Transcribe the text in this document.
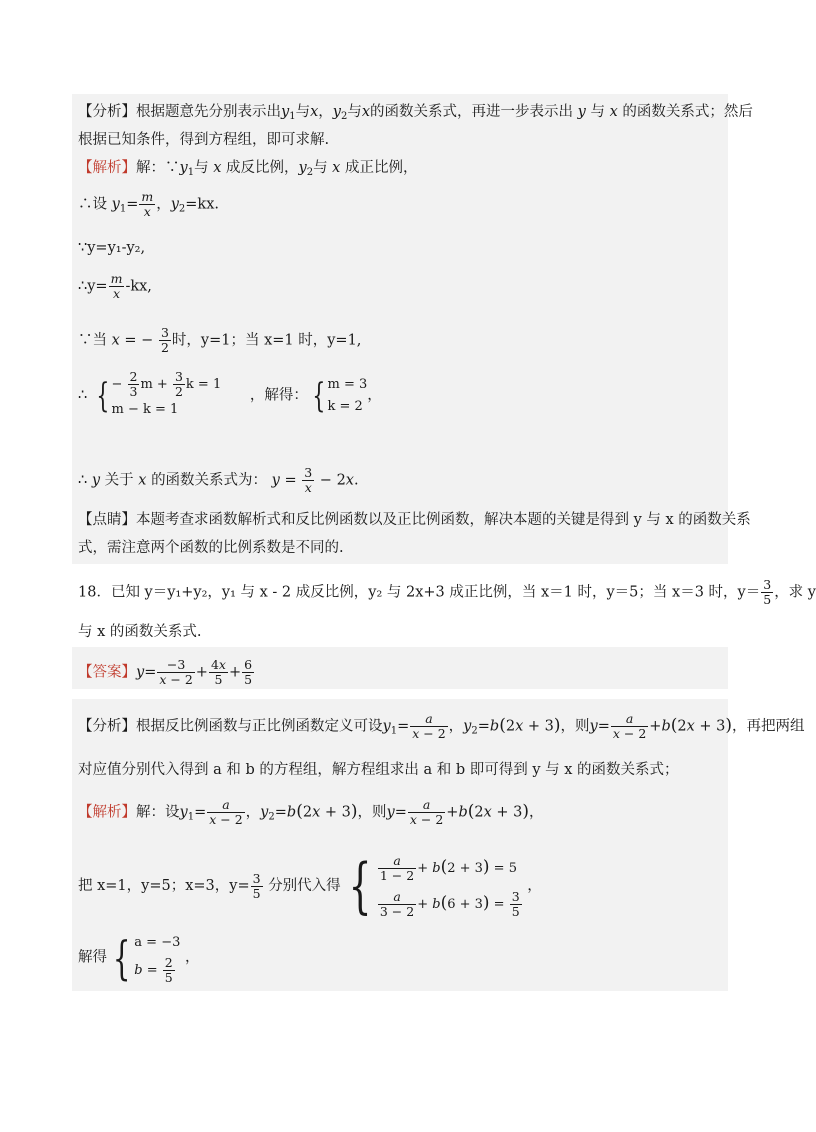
【分析】根据题意先分别表示出$y_1$与x，$y_2$与x的函数关系式，再进一步表示出 y 与 x 的函数关系式；然后
根据已知条件，得到方程组，即可求解.
【解析】解：$\because y_1$与 x 成反比例，$y_2$与 x 成正比例，
∴设 $y_1= \frac{m}{x}$ ，$y_2=kx$.
∵y=y₁-y₂,
∴y= $\frac{m}{x} -kx$,
∵当 x = − $\frac{3}{2}$ 时，y=1；当 x=1 时，y=1,
∴ { − $\frac{2}{3}$ $m + \frac{3}{2}$ k = 1
m − k = 1
，解得： { m = 3
k = 2
，
∴ y 关于 x 的函数关系式为： $y = \frac{3}{x} - 2x$.
【点睛】本题考查求函数解析式和反比例函数以及正比例函数，解决本题的关键是得到 y 与 x 的函数关系
式，需注意两个函数的比例系数是不同的.
18．已知 y＝y₁+y₂，y₁ 与 x - 2 成反比例，y₂ 与 2x+3 成正比例，当 x＝1 时，y＝5；当 x＝3 时，$y= \frac{3}{5}$ ，求 y
与 x 的函数关系式.
【答案】$y= \frac{-3}{x - 2} + \frac{4x}{5} + \frac{6}{5}$
【分析】根据反比例函数与正比例函数定义可设$y_1= \frac{a}{x - 2}$ ，$y_2=b(2x + 3)$，则$y= \frac{a}{x - 2} +b(2x + 3)$，再把两组
对应值分别代入得到 a 和 b 的方程组，解方程组求出 a 和 b 即可得到 y 与 x 的函数关系式；
【解析】解：设$y_1= \frac{a}{x - 2}$ ，$y_2=b(2x + 3)$，则$y= \frac{a}{x - 2} +b(2x + 3)$，
把 x=1，y=5；x=3，$y= \frac{3}{5}$ 分别代入得 { $\frac{a}{1 - 2} + b(2 + 3) = 5$
$\frac{a}{3 - 2} + b(6 + 3) = \frac{3}{5}$
，
解得 { a = −3
$b = \frac{2}{5}$ ，
